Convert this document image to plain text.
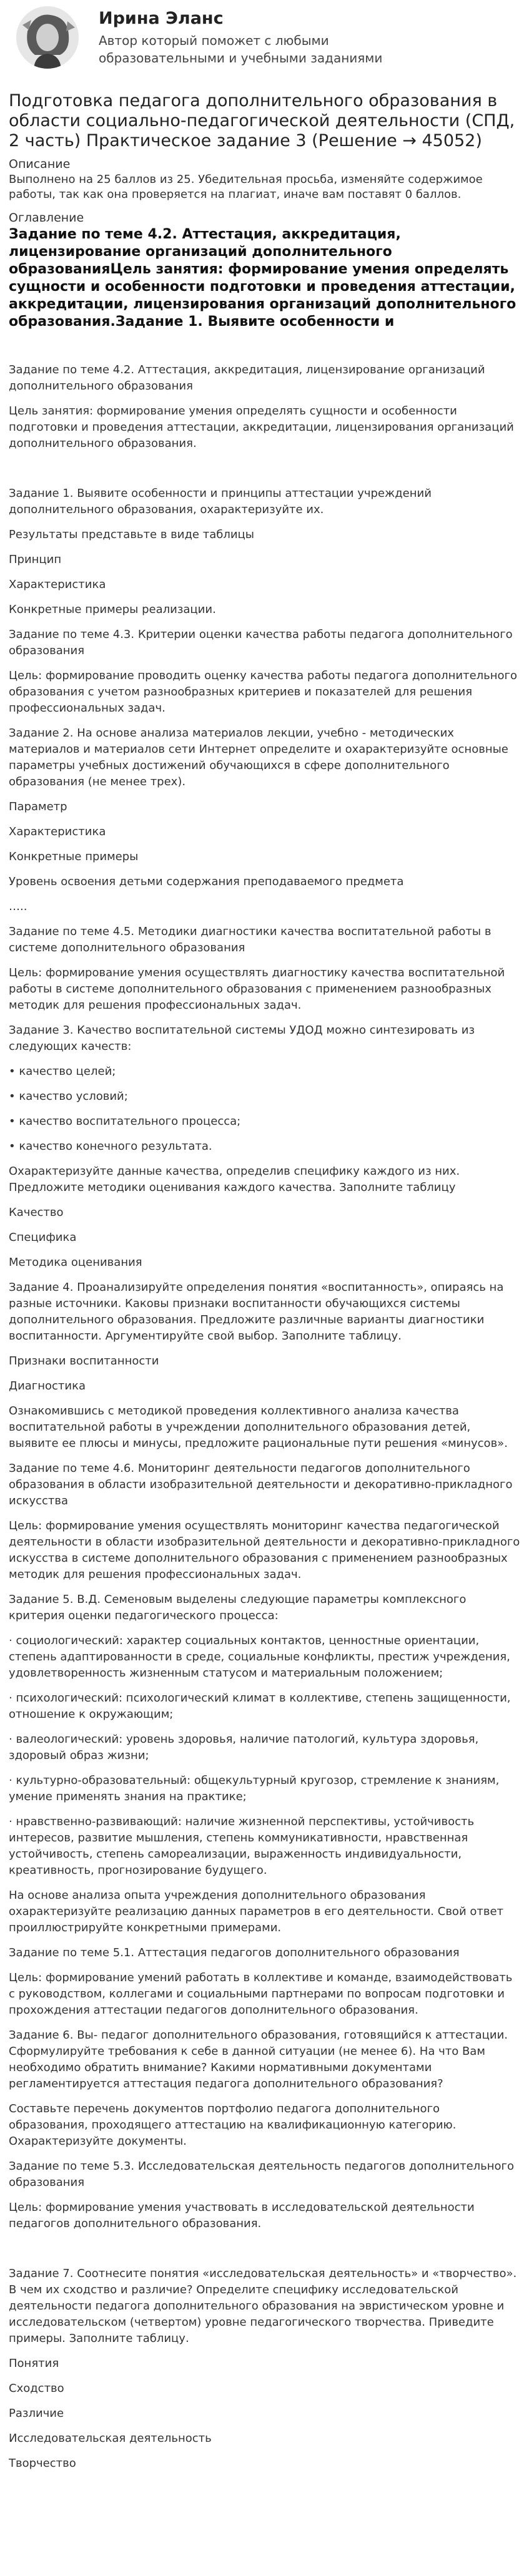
Ирина Эланс
Автор который поможет с любыми образовательными и учебными заданиями
Подготовка педагога дополнительного образования в области социально-педагогической деятельности (СПД, 2 часть) Практическое задание 3 (Решение → 45052)
Описание
Выполнено на 25 баллов из 25. Убедительная просьба, изменяйте содержимое работы, так как она проверяется на плагиат, иначе вам поставят 0 баллов.
Оглавление
Задание по теме 4.2. Аттестация, аккредитация, лицензирование организаций дополнительного образованияЦель занятия: формирование умения определять сущности и особенности подготовки и проведения аттестации, аккредитации, лицензирования организаций дополнительного образования.Задание 1. Выявите особенности и

Задание по теме 4.2. Аттестация, аккредитация, лицензирование организаций дополнительного образования

Цель занятия: формирование умения определять сущности и особенности подготовки и проведения аттестации, аккредитации, лицензирования организаций дополнительного образования.

Задание 1. Выявите особенности и принципы аттестации учреждений дополнительного образования, охарактеризуйте их.

Результаты представьте в виде таблицы

Принцип

Характеристика

Конкретные примеры реализации.

Задание по теме 4.3. Критерии оценки качества работы педагога дополнительного образования

Цель: формирование проводить оценку качества работы педагога дополнительного образования с учетом разнообразных критериев и показателей для решения профессиональных задач.

Задание 2. На основе анализа материалов лекции, учебно - методических материалов и материалов сети Интернет определите и охарактеризуйте основные параметры учебных достижений обучающихся в сфере дополнительного образования (не менее трех).

Параметр

Характеристика

Конкретные примеры

Уровень освоения детьми содержания преподаваемого предмета

…..

Задание по теме 4.5. Методики диагностики качества воспитательной работы в системе дополнительного образования

Цель: формирование умения осуществлять диагностику качества воспитательной работы в системе дополнительного образования с применением разнообразных методик для решения профессиональных задач.

Задание 3. Качество воспитательной системы УДОД можно синтезировать из следующих качеств:

• качество целей;

• качество условий;

• качество воспитательного процесса;

• качество конечного результата.

Охарактеризуйте данные качества, определив специфику каждого из них. Предложите методики оценивания каждого качества. Заполните таблицу

Качество

Специфика

Методика оценивания

Задание 4. Проанализируйте определения понятия «воспитанность», опираясь на разные источники. Каковы признаки воспитанности обучающихся системы дополнительного образования. Предложите различные варианты диагностики воспитанности. Аргументируйте свой выбор. Заполните таблицу.

Признаки воспитанности

Диагностика

Ознакомившись с методикой проведения коллективного анализа качества воспитательной работы в учреждении дополнительного образования детей, выявите ее плюсы и минусы, предложите рациональные пути решения «минусов».

Задание по теме 4.6. Мониторинг деятельности педагогов дополнительного образования в области изобразительной деятельности и декоративно-прикладного искусства

Цель: формирование умения осуществлять мониторинг качества педагогической деятельности в области изобразительной деятельности и декоративно-прикладного искусства в системе дополнительного образования с применением разнообразных методик для решения профессиональных задач.

Задание 5. В.Д. Семеновым выделены следующие параметры комплексного критерия оценки педагогического процесса:

· социологический: характер социальных контактов, ценностные ориентации, степень адаптированности в среде, социальные конфликты, престиж учреждения, удовлетворенность жизненным статусом и материальным положением;

· психологический: психологический климат в коллективе, степень защищенности, отношение к окружающим;

· валеологический: уровень здоровья, наличие патологий, культура здоровья, здоровый образ жизни;

· культурно-образовательный: общекультурный кругозор, стремление к знаниям, умение применять знания на практике;

· нравственно-развивающий: наличие жизненной перспективы, устойчивость интересов, развитие мышления, степень коммуникативности, нравственная устойчивость, степень самореализации, выраженность индивидуальности, креативность, прогнозирование будущего.

На основе анализа опыта учреждения дополнительного образования охарактеризуйте реализацию данных параметров в его деятельности. Свой ответ проиллюстрируйте конкретными примерами.

Задание по теме 5.1. Аттестация педагогов дополнительного образования

Цель: формирование умений работать в коллективе и команде, взаимодействовать с руководством, коллегами и социальными партнерами по вопросам подготовки и прохождения аттестации педагогов дополнительного образования.

Задание 6. Вы- педагог дополнительного образования, готовящийся к аттестации. Сформулируйте требования к себе в данной ситуации (не менее 6). На что Вам необходимо обратить внимание? Какими нормативными документами регламентируется аттестация педагога дополнительного образования?

Составьте перечень документов портфолио педагога дополнительного образования, проходящего аттестацию на квалификационную категорию. Охарактеризуйте документы.

Задание по теме 5.3. Исследовательская деятельность педагогов дополнительного образования

Цель: формирование умения участвовать в исследовательской деятельности педагогов дополнительного образования.

Задание 7. Соотнесите понятия «исследовательская деятельность» и «творчество». В чем их сходство и различие? Определите специфику исследовательской деятельности педагога дополнительного образования на эвристическом уровне и исследовательском (четвертом) уровне педагогического творчества. Приведите примеры. Заполните таблицу.

Понятия

Сходство

Различие

Исследовательская деятельность

Творчество
